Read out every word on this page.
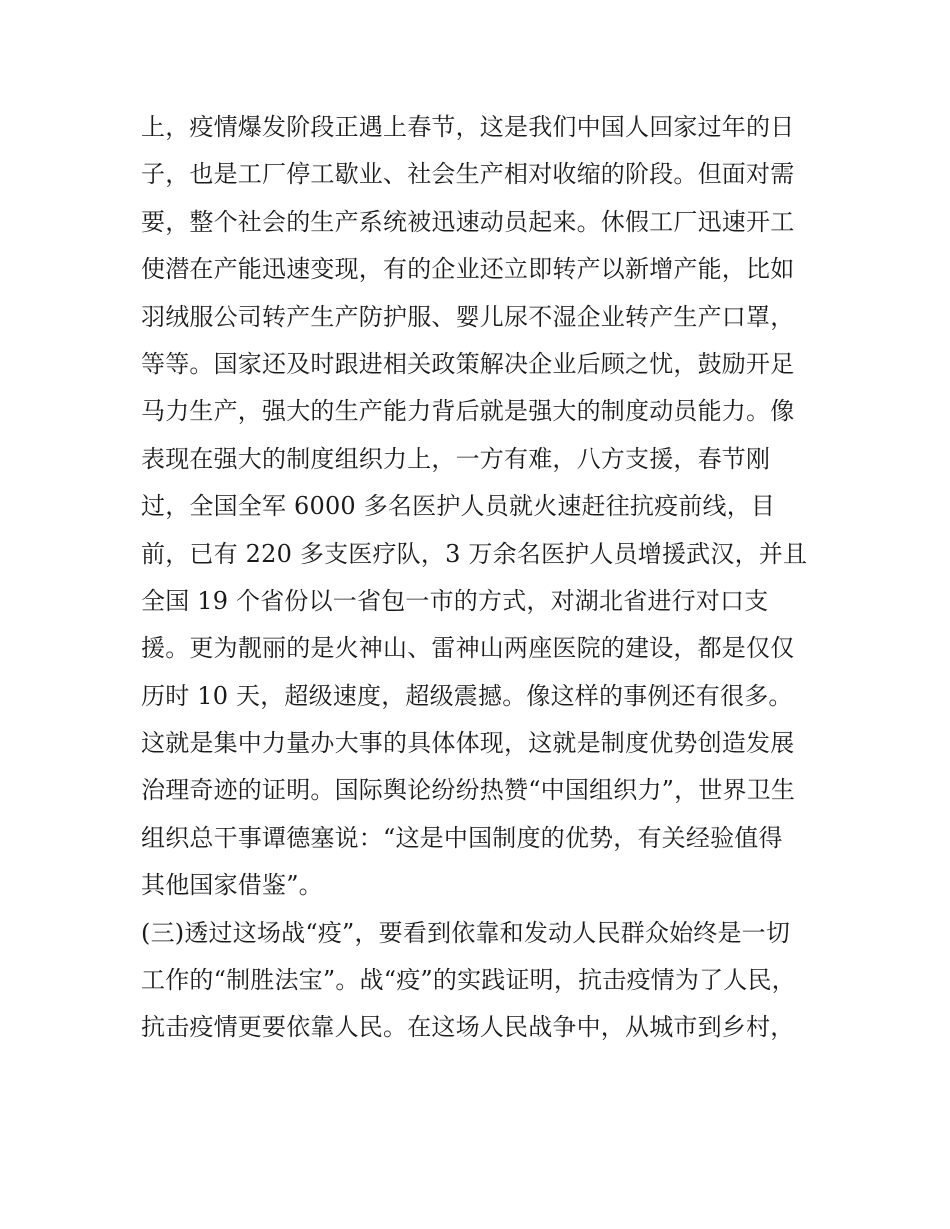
上，疫情爆发阶段正遇上春节，这是我们中国人回家过年的日
子，也是工厂停工歇业、社会生产相对收缩的阶段。但面对需
要，整个社会的生产系统被迅速动员起来。休假工厂迅速开工
使潜在产能迅速变现，有的企业还立即转产以新增产能，比如
羽绒服公司转产生产防护服、婴儿尿不湿企业转产生产口罩，
等等。国家还及时跟进相关政策解决企业后顾之忧，鼓励开足
马力生产，强大的生产能力背后就是强大的制度动员能力。像
表现在强大的制度组织力上，一方有难，八方支援，春节刚
过，全国全军 6000 多名医护人员就火速赶往抗疫前线，目
前，已有 220 多支医疗队，3 万余名医护人员增援武汉，并且
全国 19 个省份以一省包一市的方式，对湖北省进行对口支
援。更为靓丽的是火神山、雷神山两座医院的建设，都是仅仅
历时 10 天，超级速度，超级震撼。像这样的事例还有很多。
这就是集中力量办大事的具体体现，这就是制度优势创造发展
治理奇迹的证明。国际舆论纷纷热赞“中国组织力”，世界卫生
组织总干事谭德塞说：“这是中国制度的优势，有关经验值得
其他国家借鉴”。
(三)透过这场战“疫”，要看到依靠和发动人民群众始终是一切
工作的“制胜法宝”。战“疫”的实践证明，抗击疫情为了人民，
抗击疫情更要依靠人民。在这场人民战争中，从城市到乡村，
